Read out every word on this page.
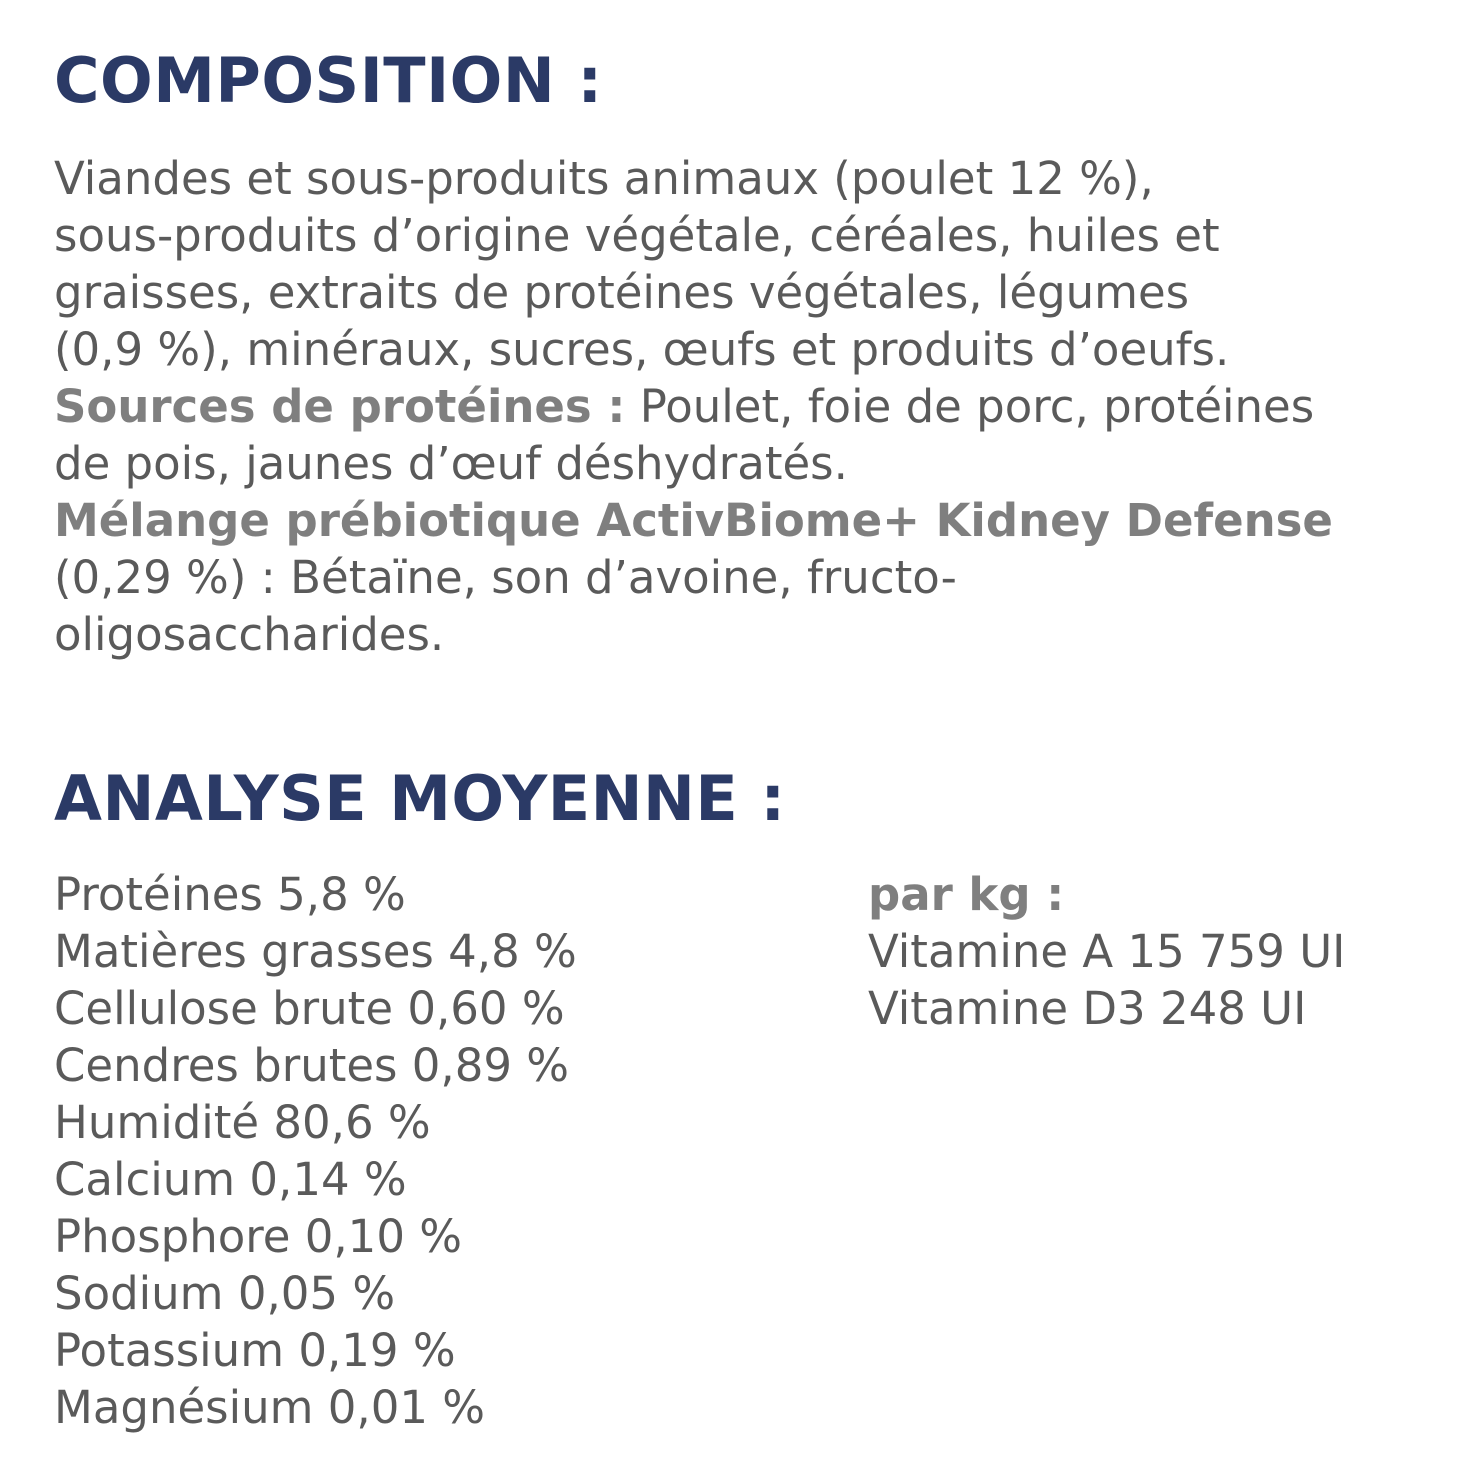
COMPOSITION :
Viandes et sous-produits animaux (poulet 12 %),
sous-produits d’origine végétale, céréales, huiles et
graisses, extraits de protéines végétales, légumes
(0,9 %), minéraux, sucres, œufs et produits d’oeufs.
Sources de protéines : Poulet, foie de porc, protéines
de pois, jaunes d’œuf déshydratés.
Mélange prébiotique ActivBiome+ Kidney Defense
(0,29 %) : Bétaïne, son d’avoine, fructo-
oligosaccharides.
ANALYSE MOYENNE :
Protéines 5,8 %
Matières grasses 4,8 %
Cellulose brute 0,60 %
Cendres brutes 0,89 %
Humidité 80,6 %
Calcium 0,14 %
Phosphore 0,10 %
Sodium 0,05 %
Potassium 0,19 %
Magnésium 0,01 %
par kg :
Vitamine A 15 759 UI
Vitamine D3 248 UI
